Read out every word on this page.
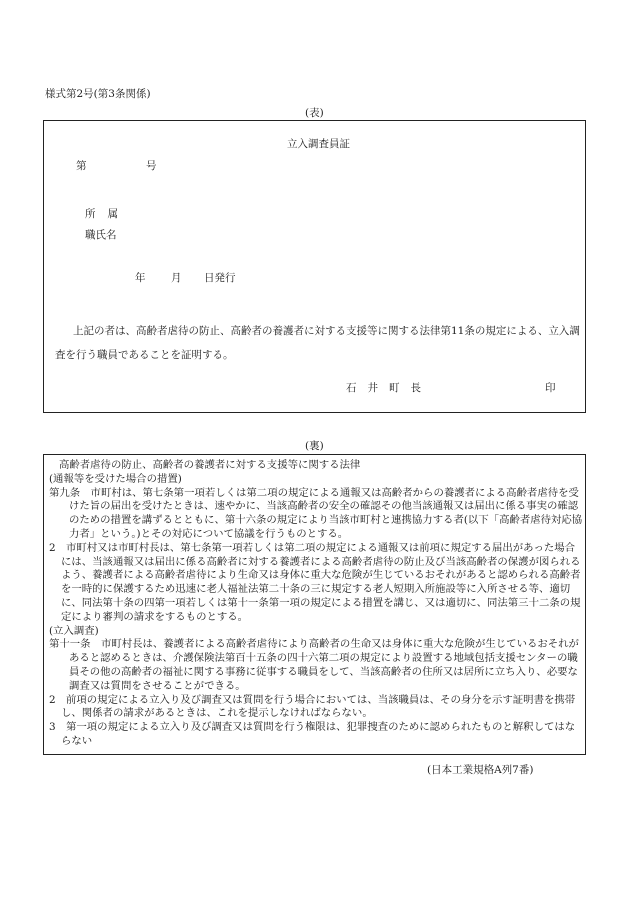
様式第2号(第3条関係)
(表)
立入調査員証
第	号
所 属
職氏名
年 月 日発行
上記の者は、高齢者虐待の防止、高齢者の養護者に対する支援等に関する法律第11条の規定による、立入調査を行う職員であることを証明する。
石井町長	印
(裏)

高齢者虐待の防止、高齢者の養護者に対する支援等に関する法律

(通報等を受けた場合の措置)

第九条　市町村は、第七条第一項若しくは第二項の規定による通報又は高齢者からの養護者による高齢者虐待を受けた旨の届出を受けたときは、速やかに、当該高齢者の安全の確認その他当該通報又は届出に係る事実の確認のための措置を講ずるとともに、第十六条の規定により当該市町村と連携協力する者(以下「高齢者虐待対応協力者」という。)とその対応について協議を行うものとする。

2　市町村又は市町村長は、第七条第一項若しくは第二項の規定による通報又は前項に規定する届出があった場合には、当該通報又は届出に係る高齢者に対する養護者による高齢者虐待の防止及び当該高齢者の保護が図られるよう、養護者による高齢者虐待により生命又は身体に重大な危険が生じているおそれがあると認められる高齢者を一時的に保護するため迅速に老人福祉法第二十条の三に規定する老人短期入所施設等に入所させる等、適切に、同法第十条の四第一項若しくは第十一条第一項の規定による措置を講じ、又は適切に、同法第三十二条の規定により審判の請求をするものとする。

(立入調査)

第十一条　市町村長は、養護者による高齢者虐待により高齢者の生命又は身体に重大な危険が生じているおそれがあると認めるときは、介護保険法第百十五条の四十六第二項の規定により設置する地域包括支援センターの職員その他の高齢者の福祉に関する事務に従事する職員をして、当該高齢者の住所又は居所に立ち入り、必要な調査又は質問をさせることができる。

2　前項の規定による立入り及び調査又は質問を行う場合においては、当該職員は、その身分を示す証明書を携帯し、関係者の請求があるときは、これを提示しなければならない。

3　第一項の規定による立入り及び調査又は質問を行う権限は、犯罪捜査のために認められたものと解釈してはならない

(日本工業規格A列7番)
